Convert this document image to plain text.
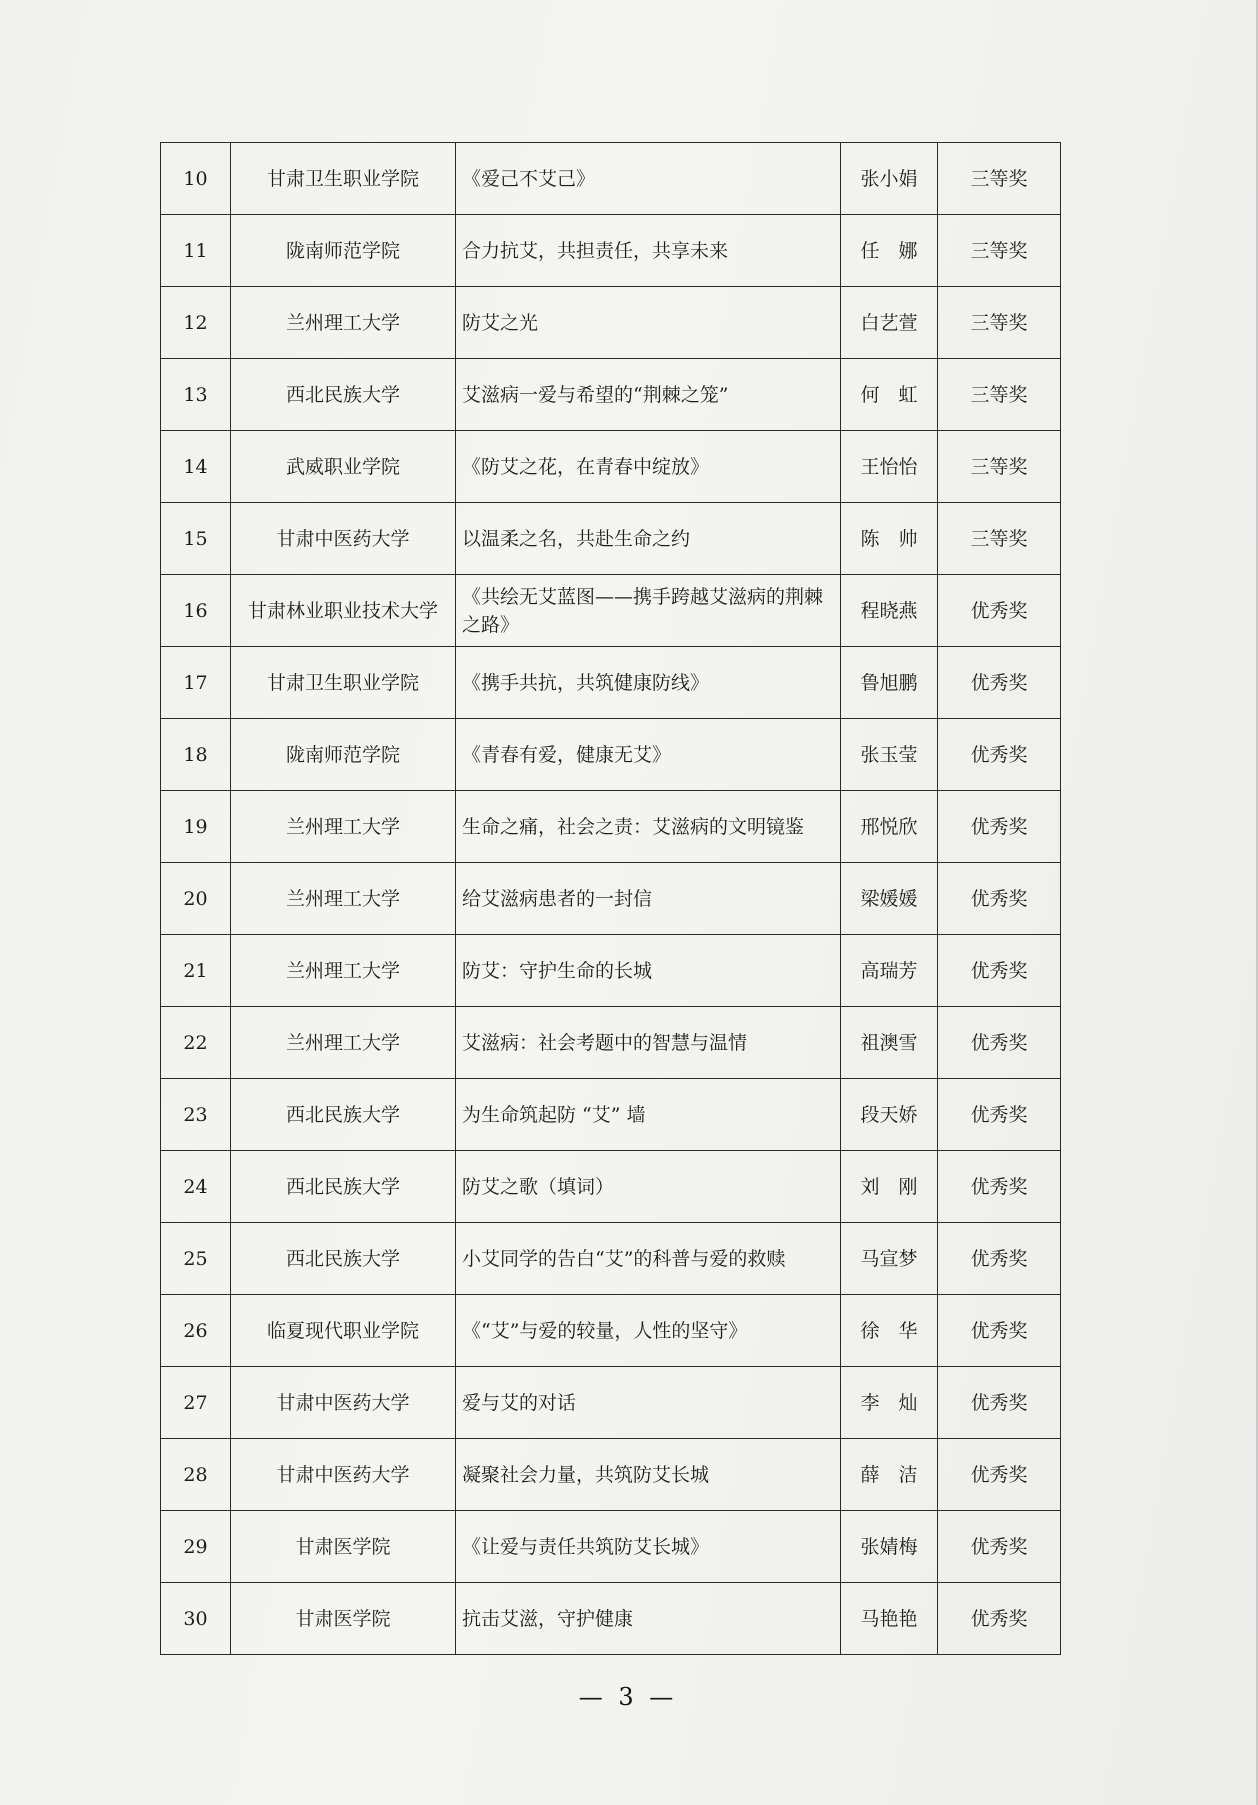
10	甘肃卫生职业学院	《爱己不艾己》	张小娟	三等奖
11	陇南师范学院	合力抗艾，共担责任，共享未来	任　娜	三等奖
12	兰州理工大学	防艾之光	白艺萱	三等奖
13	西北民族大学	艾滋病一爱与希望的“荆棘之笼”	何　虹	三等奖
14	武威职业学院	《防艾之花，在青春中绽放》	王怡怡	三等奖
15	甘肃中医药大学	以温柔之名，共赴生命之约	陈　帅	三等奖
16	甘肃林业职业技术大学	《共绘无艾蓝图——携手跨越艾滋病的荆棘之路》	程晓燕	优秀奖
17	甘肃卫生职业学院	《携手共抗，共筑健康防线》	鲁旭鹏	优秀奖
18	陇南师范学院	《青春有爱，健康无艾》	张玉莹	优秀奖
19	兰州理工大学	生命之痛，社会之责：艾滋病的文明镜鉴	邢悦欣	优秀奖
20	兰州理工大学	给艾滋病患者的一封信	梁媛媛	优秀奖
21	兰州理工大学	防艾：守护生命的长城	高瑞芳	优秀奖
22	兰州理工大学	艾滋病：社会考题中的智慧与温情	祖澳雪	优秀奖
23	西北民族大学	为生命筑起防 “艾” 墙	段天娇	优秀奖
24	西北民族大学	防艾之歌（填词）	刘　刚	优秀奖
25	西北民族大学	小艾同学的告白“艾”的科普与爱的救赎	马宣梦	优秀奖
26	临夏现代职业学院	《“艾”与爱的较量，人性的坚守》	徐　华	优秀奖
27	甘肃中医药大学	爱与艾的对话	李　灿	优秀奖
28	甘肃中医药大学	凝聚社会力量，共筑防艾长城	薛　洁	优秀奖
29	甘肃医学院	《让爱与责任共筑防艾长城》	张婧梅	优秀奖
30	甘肃医学院	抗击艾滋，守护健康	马艳艳	优秀奖
— 3 —
